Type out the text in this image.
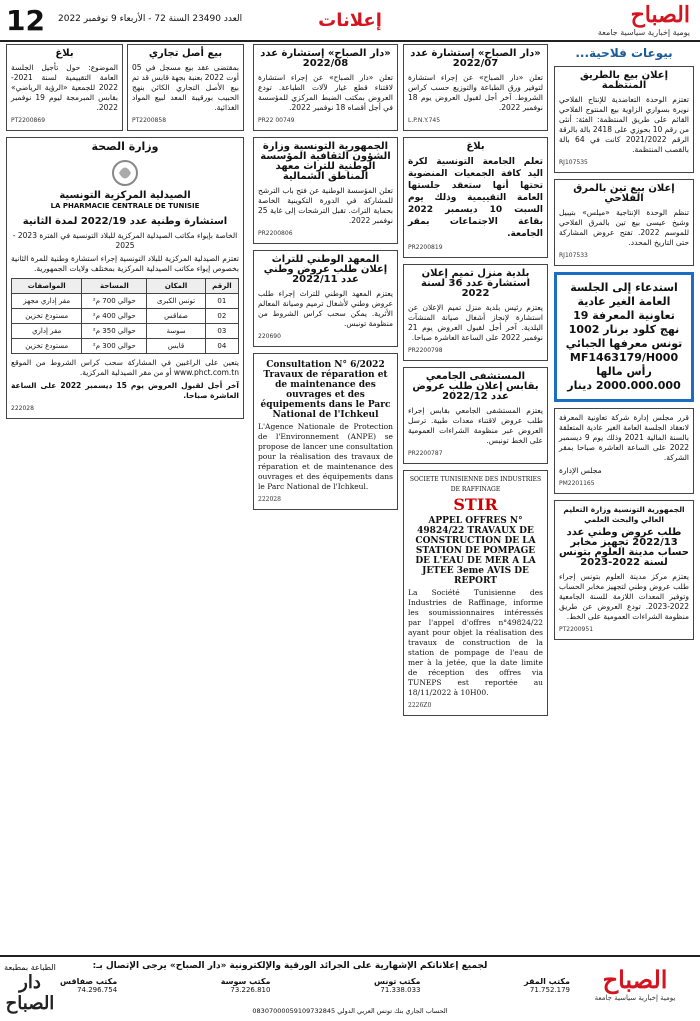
12 العدد 23490 السنة 72 - الأربعاء 9 نوفمبر 2022	إعلانات	الصباح
يومية إخبارية سياسية جامعة
بيوعات فلاحية...
إعلان بيع بالطريق المنتظمة

تعتزم الوحدة التعاضدية للإنتاج الفلاحي نويرة بسواري الزاوية بيع المنتوج الفلاحي القائم على طريق المنتظمة: الفئة: أنثى من رقم 10 بحوزي على 2418 بالة بالرقة الرقم 2021/2022 كانت في 64 بالة بالقصب المنتظمة.

RJ107535
إعلان بيع تين بالمرق الفلاحي

تنظم الوحدة الإنتاجية «ميلس» بتيبيل وشيخ عيسى بيع تين بالمرق الفلاحي للموسم 2022. تفتح عروض المشاركة حتى التاريخ المحدد.

RJ107533
استدعاء إلى الجلسة العامة الغير عادية تعاونية المعرفة 19 نهج كلود برنار 1002 تونس معرفها الجبائي MF1463179/H000 رأس مالها 2000.000.000 دينار

قرر مجلس إدارة شركة تعاونية المعرفة لانعقاد الجلسة العامة الغير عادية المتعلقة بالسنة المالية 2021 وذلك يوم 9 ديسمبر 2022 على الساعة العاشرة صباحا بمقر الشركة.

مجلس الإدارة

PM2201165

الجمهورية التونسية وزارة التعليم العالي والبحث العلمي

طلب عروض وطني عدد 2022/13 تجهيز مخابر حساب مدينة العلوم بتونس لسنة 2022-2023

يعتزم مركز مدينة العلوم بتونس إجراء طلب عروض وطني لتجهيز مخابر الحساب وتوفير المعدات اللازمة للسنة الجامعية 2022-2023. تودع العروض عن طريق منظومة الشراءات العمومية على الخط.

PT2200951
«دار الصباح» إستشارة عدد 2022/07

تعلن «دار الصباح» عن إجراء استشارة لتوفير ورق الطباعة والتوزيع حسب كراس الشروط. آخر أجل لقبول العروض يوم 18 نوفمبر 2022.

L.P.N.Y.745
بلاغ

تعلم الجامعة التونسية لكرة اليد كافة الجمعيات المنضوية تحتها أنها ستعقد جلستها العامة التقييمية وذلك يوم السبت 10 ديسمبر 2022 بقاعة الاجتماعات بمقر الجامعة.

PR2200819
بلدية منزل تميم إعلان استشارة عدد 36 لسنة 2022

يعتزم رئيس بلدية منزل تميم الإعلان عن استشارة لإنجاز أشغال صيانة المنشآت البلدية. آخر أجل لقبول العروض يوم 21 نوفمبر 2022 على الساعة العاشرة صباحا.

PR2200798
المستشفى الجامعي بقابس إعلان طلب عروض عدد 2022/12

يعتزم المستشفى الجامعي بقابس إجراء طلب عروض لاقتناء معدات طبية. ترسل العروض عبر منظومة الشراءات العمومية على الخط تونبس.

PR2200787
SOCIETE TUNISIENNE DES INDUSTRIES DE RAFFINAGE
STIR
APPEL OFFRES N° 49824/22 TRAVAUX DE CONSTRUCTION DE LA STATION DE POMPAGE DE L'EAU DE MER A LA JETEE 3eme AVIS DE REPORT

La Société Tunisienne des Industries de Raffinage, informe les soumissionnaires intéressés par l'appel d'offres n°49824/22 ayant pour objet la réalisation des travaux de construction de la station de pompage de l'eau de mer à la jetée, que la date limite de réception des offres via TUNEPS est reportée au 18/11/2022 à 10H00.

2226Z0
«دار الصباح» إستشارة عدد 2022/08

تعلن «دار الصباح» عن إجراء استشارة لاقتناء قطع غيار لآلات الطباعة. تودع العروض بمكتب الضبط المركزي للمؤسسة في أجل أقصاه 18 نوفمبر 2022.

PR22 00749
الجمهورية التونسية وزارة الشؤون الثقافية المؤسسة الوطنية للتراث معهد المناطق الشمالية

تعلن المؤسسة الوطنية عن فتح باب الترشح للمشاركة في الدورة التكوينية الخاصة بحماية التراث. تقبل الترشحات إلى غاية 25 نوفمبر 2022.

PR2200806
المعهد الوطني للتراث إعلان طلب عروض وطني عدد 2022/11

يعتزم المعهد الوطني للتراث إجراء طلب عروض وطني لأشغال ترميم وصيانة المعالم الأثرية. يمكن سحب كراس الشروط من منظومة تونبس.

220690
Consultation N° 6/2022 Travaux de réparation et de maintenance des ouvrages et des équipements dans le Parc National de l'Ichkeul

L'Agence Nationale de Protection de l'Environnement (ANPE) se propose de lancer une consultation pour la réalisation des travaux de réparation et de maintenance des ouvrages et des équipements dans le Parc National de l'Ichkeul.

222028
بيع أصل تجاري

بمقتضى عقد بيع مسجل في 05 أوت 2022 بعنبة بجهة قابس قد تم بيع الأصل التجاري الكائن بنهج الحبيب بورقيبة المعد لبيع المواد الغذائية.

PT2200858
بلاغ

الموضوع: حول تأجيل الجلسة العامة التقييمية لسنة 2021-2022 للجمعية «الرؤية الرياضي» بقابس المبرمجة ليوم 19 نوفمبر 2022.

PT2200869
وزارة الصحة
الصيدلية المركزية التونسية
LA PHARMACIE CENTRALE DE TUNISIE
استشارة وطنية عدد 2022/19 لمدة الثانية

الخاصة بإيواء مكاتب الصيدلية المركزية للبلاد التونسية في الفترة 2023 - 2025

تعتزم الصيدلية المركزية للبلاد التونسية إجراء استشارة وطنية للمرة الثانية بخصوص إيواء مكاتب الصيدلية المركزية بمختلف ولايات الجمهورية.

الرقم	المكان	المساحة	المواصفات
01	تونس الكبرى	حوالي 700 م²	مقر إداري مجهز
02	صفاقس	حوالي 400 م²	مستودع تخزين
03	سوسة	حوالي 350 م²	مقر إداري
04	قابس	حوالي 300 م²	مستودع تخزين

يتعين على الراغبين في المشاركة سحب كراس الشروط من الموقع www.phct.com.tn أو من مقر الصيدلية المركزية.

آخر أجل لقبول العروض يوم 15 ديسمبر 2022 على الساعة العاشرة صباحا.

222028
الطباعة بمطبعة
دار الصباح
لجميع إعلاناتكم الإشهارية على الجرائد الورقية والإلكترونية «دار الصباح» يرجى الإتصال بـ:
مكتب المقر
71.752.179
مكتب تونس
71.338.033
مكتب سوسة
73.226.810
مكتب صفاقس
74.296.754
الحساب الجاري بنك تونس العربي الدولي 08307000059109732845
الصباح
يومية إخبارية سياسية جامعة
